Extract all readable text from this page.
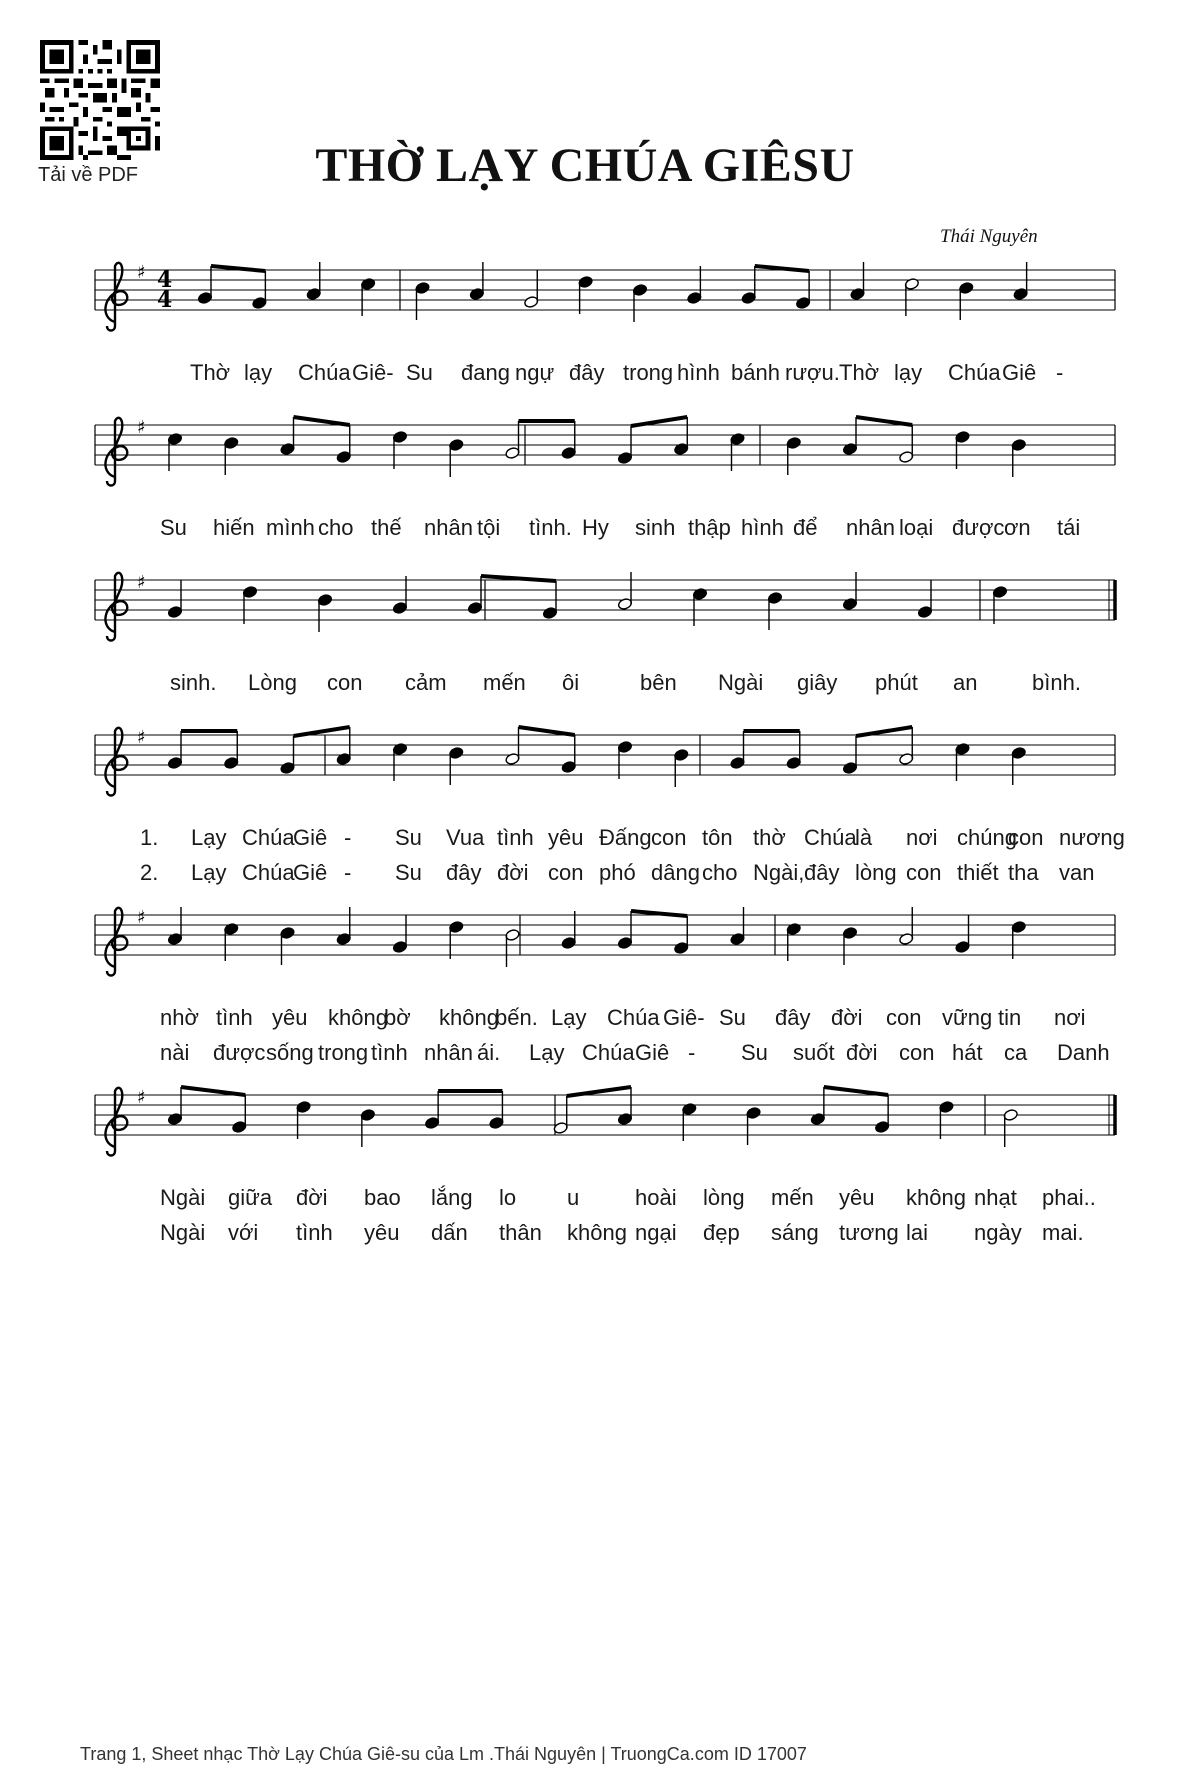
Tải về PDF	THỜ LẠY CHÚA GIÊSU
Thái Nguyên
♯ 4
4
Thờ lạy Chúa Giê- Su đang ngự đây trong hình bánh rượu. Thờ lạy Chúa Giê -
♯
Su hiến mình cho thế nhân tội tình. Hy sinh thập hình để nhân loại được ơn tái
♯
sinh. Lòng con cảm mến ôi	bên Ngài giây phút an bình.
♯
1. Lạy Chúa
Giê - Su Vua tình yêu Đấng con tôn thờ Chúa
là nơi chúng
con nương
2. Lạy Chúa
Giê - Su đây đời con phó dâng cho Ngài, đây lòng con thiết tha van
♯
nhờ tình yêu không
bờ không
bến. Lạy Chúa Giê- Su đây đời con vững tin nơi
nài được sống trong tình nhân ái. Lạy Chúa Giê - Su suốt đời con hát ca Danh
♯
Ngài giữa đời bao lắng lo u	hoài lòng mến yêu không nhạt phai..
Ngài với tình yêu dấn thân không ngại đẹp sáng tương lai ngày mai.
Trang 1, Sheet nhạc Thờ Lạy Chúa Giê-su của Lm .Thái Nguyên | TruongCa.com ID 17007
